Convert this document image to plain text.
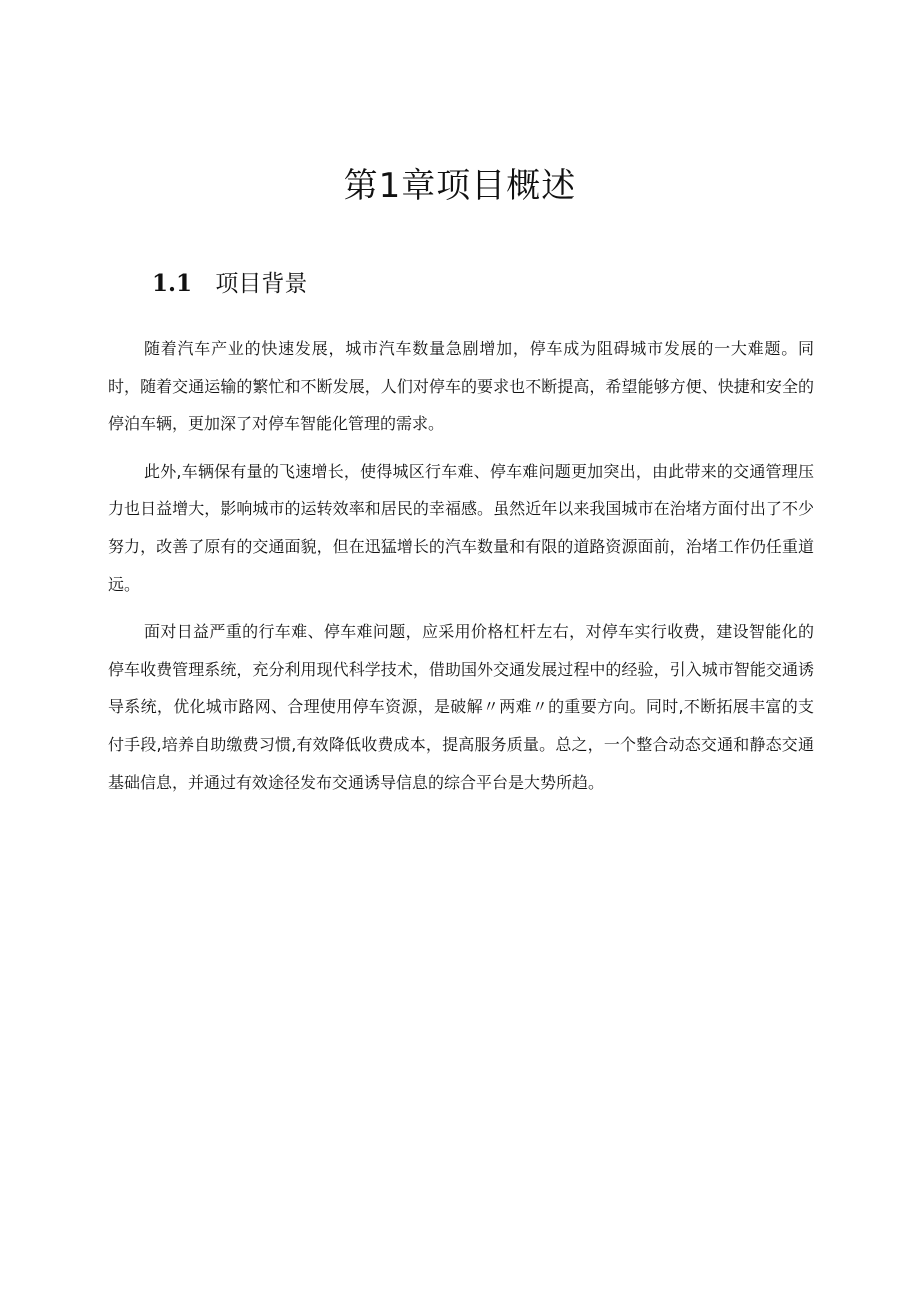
第1章项目概述
1.1 项目背景

随着汽车产业的快速发展，城市汽车数量急剧增加，停车成为阻碍城市发展的一大难题。同时，随着交通运输的繁忙和不断发展，人们对停车的要求也不断提高，希望能够方便、快捷和安全的停泊车辆，更加深了对停车智能化管理的需求。

此外,车辆保有量的飞速增长，使得城区行车难、停车难问题更加突出，由此带来的交通管理压力也日益增大，影响城市的运转效率和居民的幸福感。虽然近年以来我国城市在治堵方面付出了不少努力，改善了原有的交通面貌，但在迅猛增长的汽车数量和有限的道路资源面前，治堵工作仍任重道远。

面对日益严重的行车难、停车难问题，应采用价格杠杆左右，对停车实行收费，建设智能化的停车收费管理系统，充分利用现代科学技术，借助国外交通发展过程中的经验，引入城市智能交通诱导系统，优化城市路网、合理使用停车资源，是破解〃两难〃的重要方向。同时,不断拓展丰富的支付手段,培养自助缴费习惯,有效降低收费成本，提高服务质量。总之，一个整合动态交通和静态交通基础信息，并通过有效途径发布交通诱导信息的综合平台是大势所趋。
